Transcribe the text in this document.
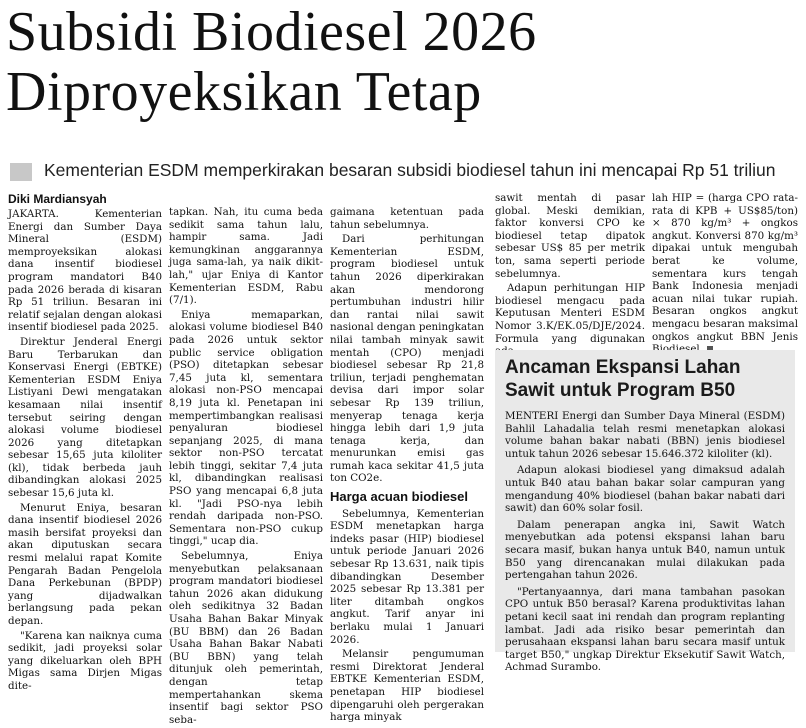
Subsidi Biodiesel 2026
Diproyeksikan Tetap

Kementerian ESDM memperkirakan besaran subsidi biodiesel tahun ini mencapai Rp 51 triliun

Diki Mardiansyah

JAKARTA. Kementerian Energi dan Sumber Daya Mineral (ESDM) memproyeksikan alokasi dana insentif biodiesel program mandatori B40 pada 2026 berada di kisaran Rp 51 triliun. Besaran ini relatif sejalan dengan alokasi insentif biodiesel pada 2025.

Direktur Jenderal Energi Baru Terbarukan dan Konservasi Energi (EBTKE) Kementerian ESDM Eniya Listiyani Dewi mengatakan kesamaan nilai insentif tersebut seiring dengan alokasi volume biodiesel 2026 yang ditetapkan sebesar 15,65 juta kiloliter (kl), tidak berbeda jauh dibandingkan alokasi 2025 sebesar 15,6 juta kl.

Menurut Eniya, besaran dana insentif biodiesel 2026 masih bersifat proyeksi dan akan diputuskan secara resmi melalui rapat Komite Pengarah Badan Pengelola Dana Perkebunan (BPDP) yang dijadwalkan berlangsung pada pekan depan.

"Karena kan naiknya cuma sedikit, jadi proyeksi solar yang dikeluarkan oleh BPH Migas sama Dirjen Migas dite-

tapkan. Nah, itu cuma beda sedikit sama tahun lalu, hampir sama. Jadi kemungkinan anggarannya juga sama-lah, ya naik dikit-lah," ujar Eniya di Kantor Kementerian ESDM, Rabu (7/1).

Eniya memaparkan, alokasi volume biodiesel B40 pada 2026 untuk sektor public service obligation (PSO) ditetapkan sebesar 7,45 juta kl, sementara alokasi non-PSO mencapai 8,19 juta kl. Penetapan ini mempertimbangkan realisasi penyaluran biodiesel sepanjang 2025, di mana sektor non-PSO tercatat lebih tinggi, sekitar 7,4 juta kl, dibandingkan realisasi PSO yang mencapai 6,8 juta kl. "Jadi PSO-nya lebih rendah daripada non-PSO. Sementara non-PSO cukup tinggi," ucap dia.

Sebelumnya, Eniya menyebutkan pelaksanaan program mandatori biodiesel tahun 2026 akan didukung oleh sedikitnya 32 Badan Usaha Bahan Bakar Minyak (BU BBM) dan 26 Badan Usaha Bahan Bakar Nabati (BU BBN) yang telah ditunjuk oleh pemerintah, dengan tetap mempertahankan skema insentif bagi sektor PSO seba-

gaimana ketentuan pada tahun sebelumnya.

Dari perhitungan Kementerian ESDM, program biodiesel untuk tahun 2026 diperkirakan akan mendorong pertumbuhan industri hilir dan rantai nilai sawit nasional dengan peningkatan nilai tambah minyak sawit mentah (CPO) menjadi biodiesel sebesar Rp 21,8 triliun, terjadi penghematan devisa dari impor solar sebesar Rp 139 triliun, menyerap tenaga kerja hingga lebih dari 1,9 juta tenaga kerja, dan menurunkan emisi gas rumah kaca sekitar 41,5 juta ton CO2e.

Harga acuan biodiesel

Sebelumnya, Kementerian ESDM menetapkan harga indeks pasar (HIP) biodiesel untuk periode Januari 2026 sebesar Rp 13.631, naik tipis dibandingkan Desember 2025 sebesar Rp 13.381 per liter ditambah ongkos angkut. Tarif anyar ini berlaku mulai 1 Januari 2026.

Melansir pengumuman resmi Direktorat Jenderal EBTKE Kementerian ESDM, penetapan HIP biodiesel dipengaruhi oleh pergerakan harga minyak

sawit mentah di pasar global. Meski demikian, faktor konversi CPO ke biodiesel tetap dipatok sebesar US$ 85 per metrik ton, sama seperti periode sebelumnya.

Adapun perhitungan HIP biodiesel mengacu pada Keputusan Menteri ESDM Nomor 3.K/EK.05/DJE/2024. Formula yang digunakan

lah HIP = (harga CPO rata-rata di KPB + US$85/ton) × 870 kg/m³ + ongkos angkut. Konversi 870 kg/m³ dipakai untuk mengubah berat ke volume, sementara kurs tengah Bank Indonesia menjadi acuan nilai tukar rupiah. Besaran ongkos angkut mengacu besaran maksimal ongkos angkut BBN Jenis

Ancaman Ekspansi Lahan
Sawit untuk Program B50

MENTERI Energi dan Sumber Daya Mineral (ESDM) Bahlil Lahadalia telah resmi menetapkan alokasi volume bahan bakar nabati (BBN) jenis biodiesel untuk tahun 2026 sebesar 15.646.372 kiloliter (kl).

Adapun alokasi biodiesel yang dimaksud adalah untuk B40 atau bahan bakar solar campuran yang mengandung 40% biodiesel (bahan bakar nabati dari sawit) dan 60% solar fosil.

Dalam penerapan angka ini, Sawit Watch menyebutkan ada potensi ekspansi lahan baru secara masif, bukan hanya untuk B40, namun untuk B50 yang direncanakan mulai dilakukan pada pertengahan tahun 2026.

"Pertanyaannya, dari mana tambahan pasokan CPO untuk B50 berasal? Karena produktivitas lahan petani kecil saat ini rendah dan program replanting lambat. Jadi ada risiko besar pemerintah dan perusahaan ekspansi lahan baru secara masif untuk target B50," ungkap Direktur Eksekutif Sawit Watch, Achmad Surambo.
